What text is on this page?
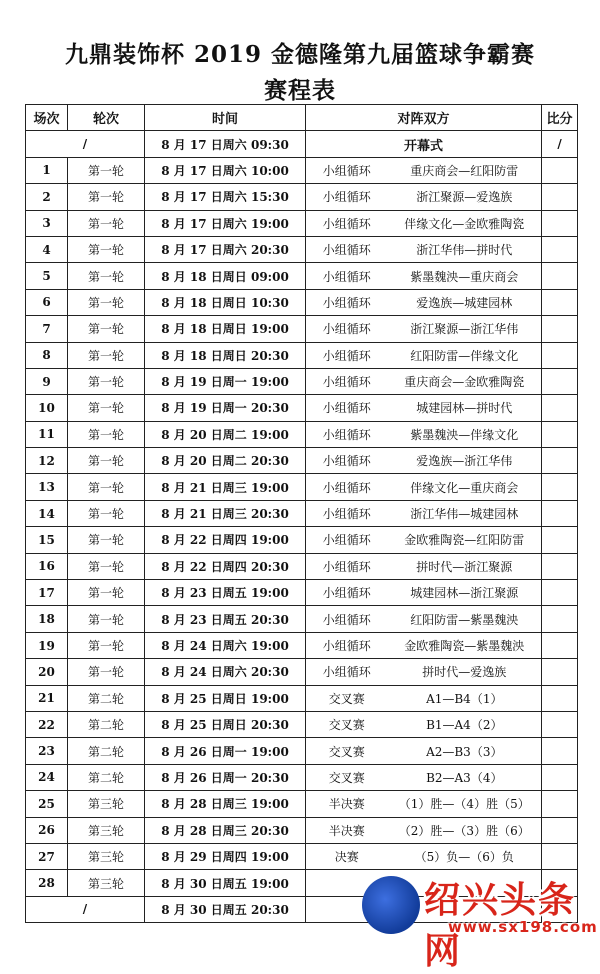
九鼎装饰杯 2019 金德隆第九届篮球争霸赛
赛程表
场次	轮次	时间	对阵双方		比分
/		8 月 17 日周六 09:30	开幕式		/
1	第一轮	8 月 17 日周六 10:00	小组循环	重庆商会—红阳防雷	
2	第一轮	8 月 17 日周六 15:30	小组循环	浙江聚源—爱逸族	
3	第一轮	8 月 17 日周六 19:00	小组循环	伴缘文化—金欧雅陶瓷	
4	第一轮	8 月 17 日周六 20:30	小组循环	浙江华伟—拼时代	
5	第一轮	8 月 18 日周日 09:00	小组循环	紫墨魏泱—重庆商会	
6	第一轮	8 月 18 日周日 10:30	小组循环	爱逸族—城建园林	
7	第一轮	8 月 18 日周日 19:00	小组循环	浙江聚源—浙江华伟	
8	第一轮	8 月 18 日周日 20:30	小组循环	红阳防雷—伴缘文化	
9	第一轮	8 月 19 日周一 19:00	小组循环	重庆商会—金欧雅陶瓷	
10	第一轮	8 月 19 日周一 20:30	小组循环	城建园林—拼时代	
11	第一轮	8 月 20 日周二 19:00	小组循环	紫墨魏泱—伴缘文化	
12	第一轮	8 月 20 日周二 20:30	小组循环	爱逸族—浙江华伟	
13	第一轮	8 月 21 日周三 19:00	小组循环	伴缘文化—重庆商会	
14	第一轮	8 月 21 日周三 20:30	小组循环	浙江华伟—城建园林	
15	第一轮	8 月 22 日周四 19:00	小组循环	金欧雅陶瓷—红阳防雷	
16	第一轮	8 月 22 日周四 20:30	小组循环	拼时代—浙江聚源	
17	第一轮	8 月 23 日周五 19:00	小组循环	城建园林—浙江聚源	
18	第一轮	8 月 23 日周五 20:30	小组循环	红阳防雷—紫墨魏泱	
19	第一轮	8 月 24 日周六 19:00	小组循环	金欧雅陶瓷—紫墨魏泱	
20	第一轮	8 月 24 日周六 20:30	小组循环	拼时代—爱逸族	
21	第二轮	8 月 25 日周日 19:00	交叉赛	A1—B4（1）	
22	第二轮	8 月 25 日周日 20:30	交叉赛	B1—A4（2）	
23	第二轮	8 月 26 日周一 19:00	交叉赛	A2—B3（3）	
24	第二轮	8 月 26 日周一 20:30	交叉赛	B2—A3（4）	
25	第三轮	8 月 28 日周三 19:00	半决赛	（1）胜—（4）胜（5）	
26	第三轮	8 月 28 日周三 20:30	半决赛	（2）胜—（3）胜（6）	
27	第三轮	8 月 29 日周四 19:00	决赛	（5）负—（6）负	
28	第三轮	8 月 30 日周五 19:00			
/		8 月 30 日周五 20:30				绍兴头条网
www.sx198.com
